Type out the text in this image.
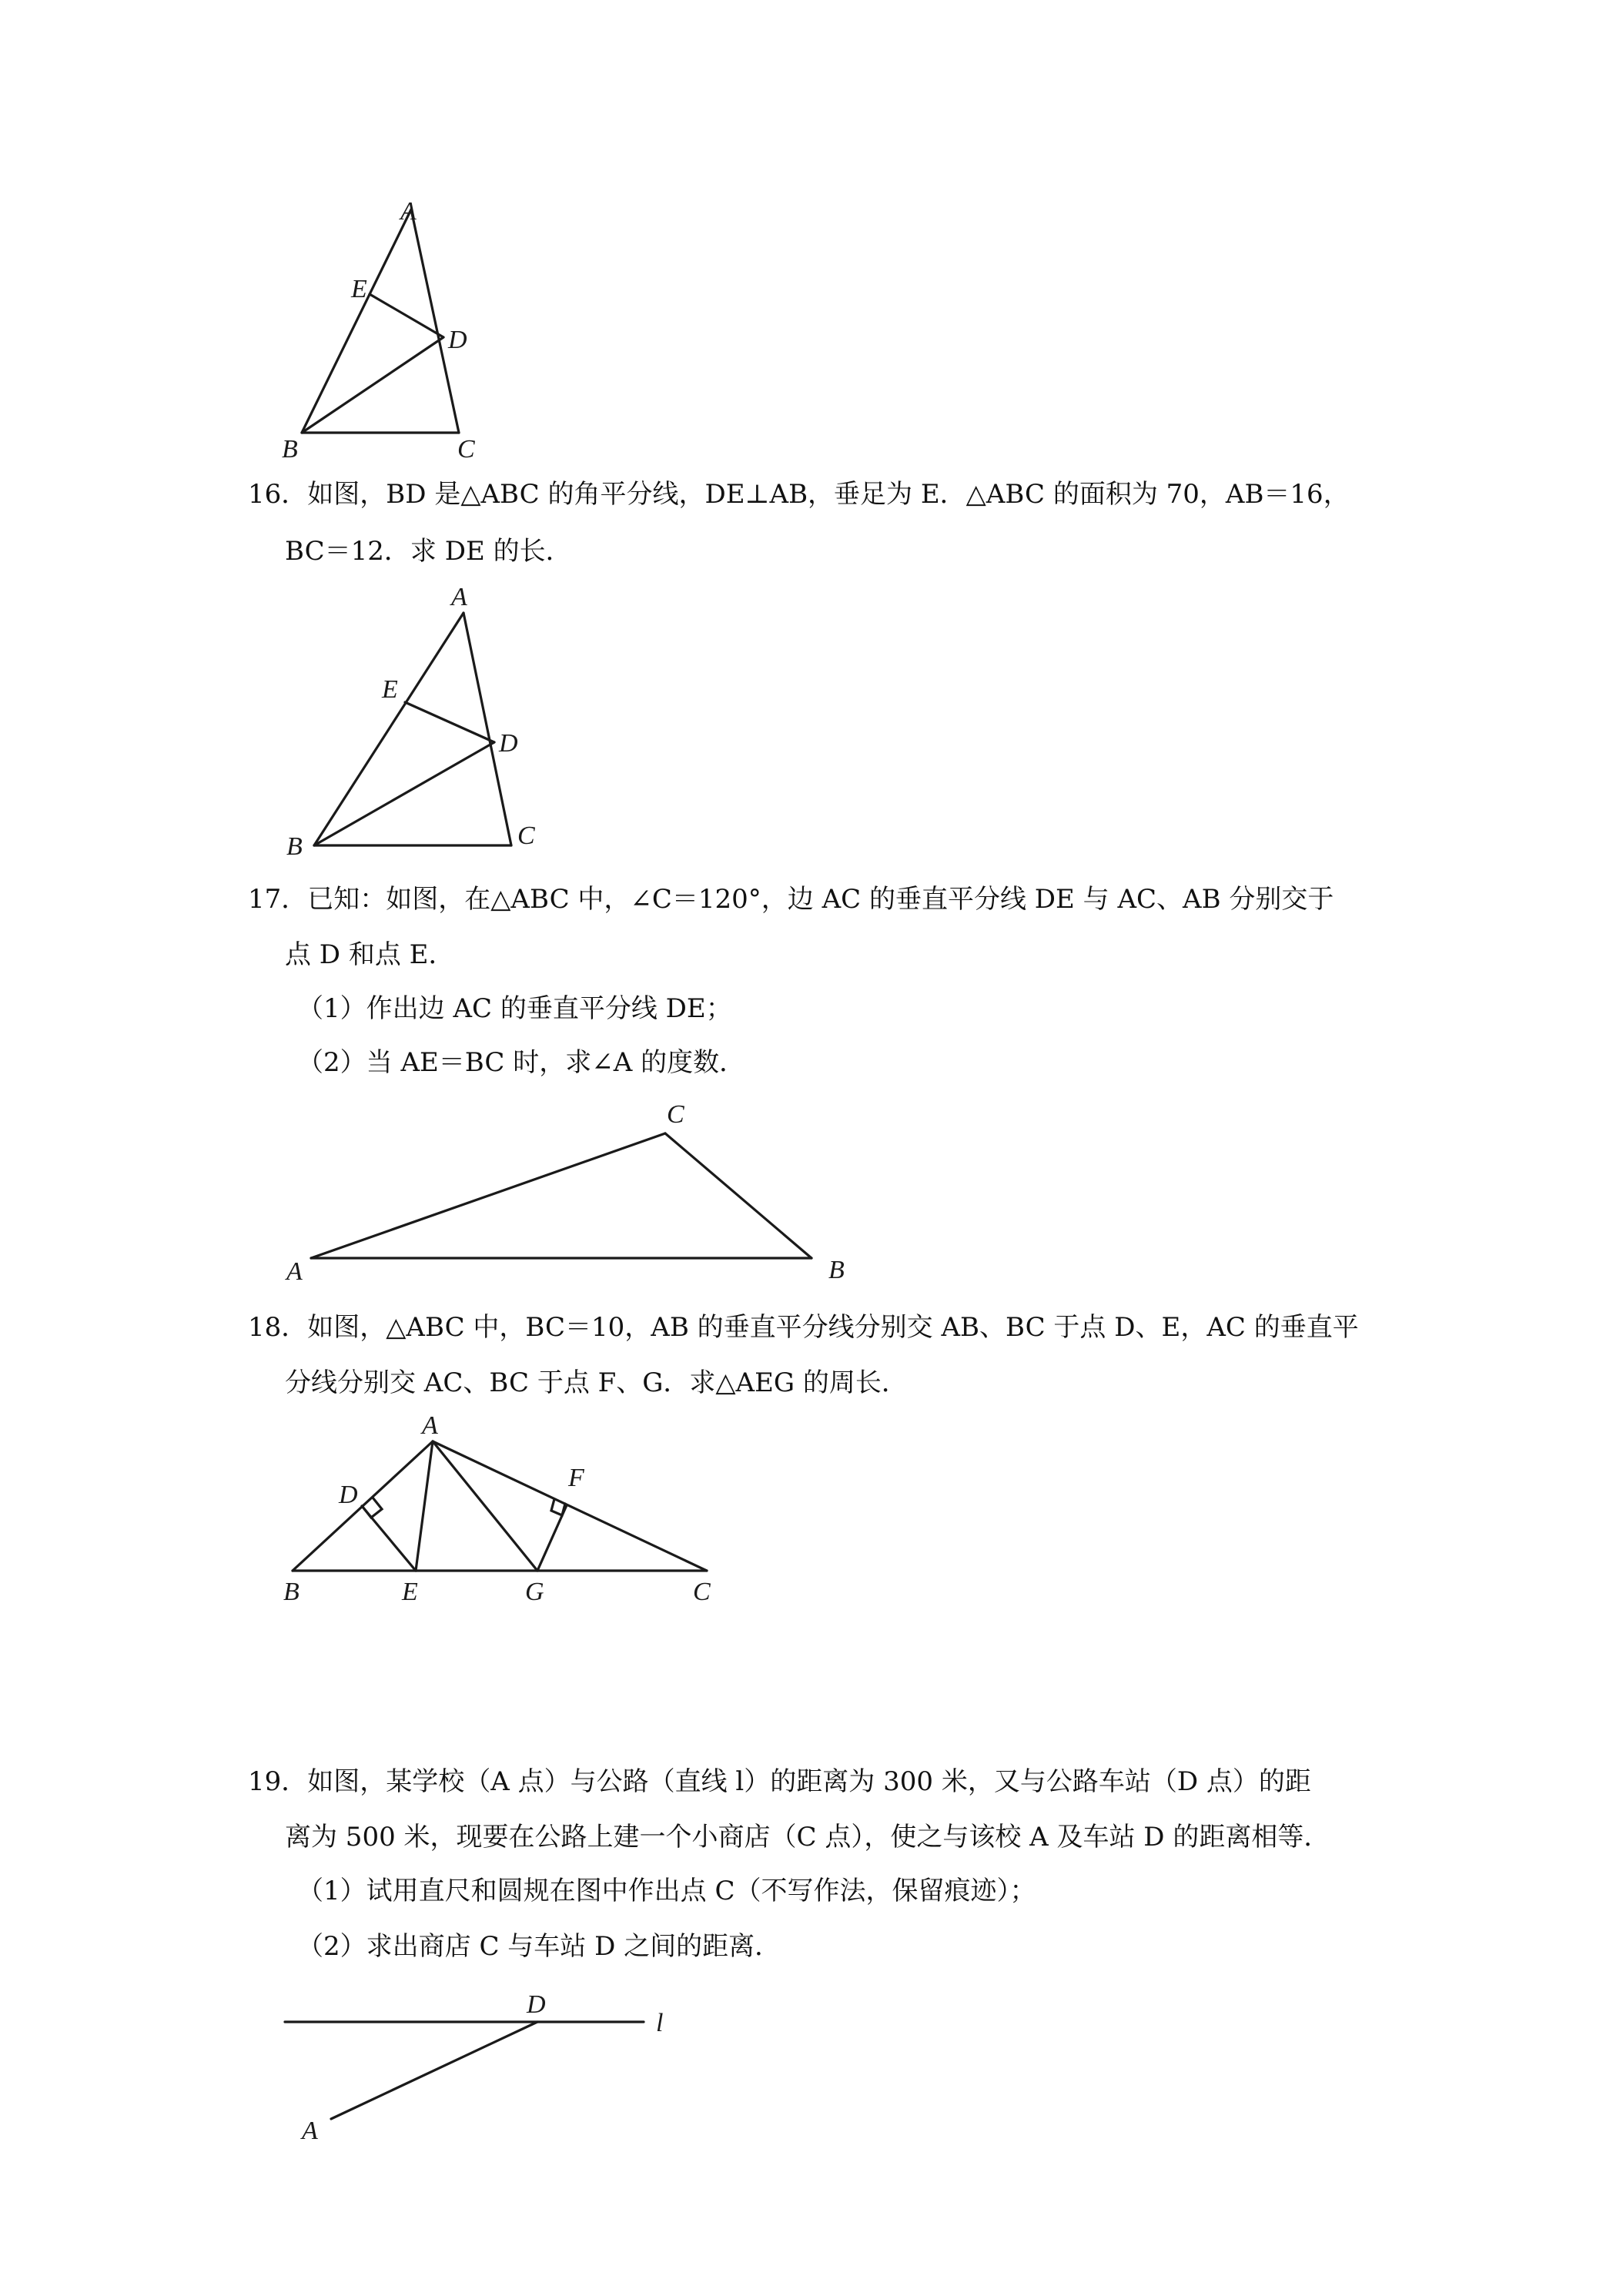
A
E
D
B	C
16．如图，BD 是△ABC 的角平分线，DE⊥AB，垂足为 E．△ABC 的面积为 70，AB＝16，
BC＝12．求 DE 的长．
A
E
D
B	C
17．已知：如图，在△ABC 中，∠C＝120°，边 AC 的垂直平分线 DE 与 AC、AB 分别交于
点 D 和点 E．
（1）作出边 AC 的垂直平分线 DE；
（2）当 AE＝BC 时，求∠A 的度数．
C
A	B
18．如图，△ABC 中，BC＝10，AB 的垂直平分线分别交 AB、BC 于点 D、E，AC 的垂直平
分线分别交 AC、BC 于点 F、G．求△AEG 的周长．
A
D
F
B	E	G	C
19．如图，某学校（A 点）与公路（直线 l）的距离为 300 米，又与公路车站（D 点）的距
离为 500 米，现要在公路上建一个小商店（C 点），使之与该校 A 及车站 D 的距离相等．
（1）试用直尺和圆规在图中作出点 C（不写作法，保留痕迹）；
（2）求出商店 C 与车站 D 之间的距离．
D
l
A
